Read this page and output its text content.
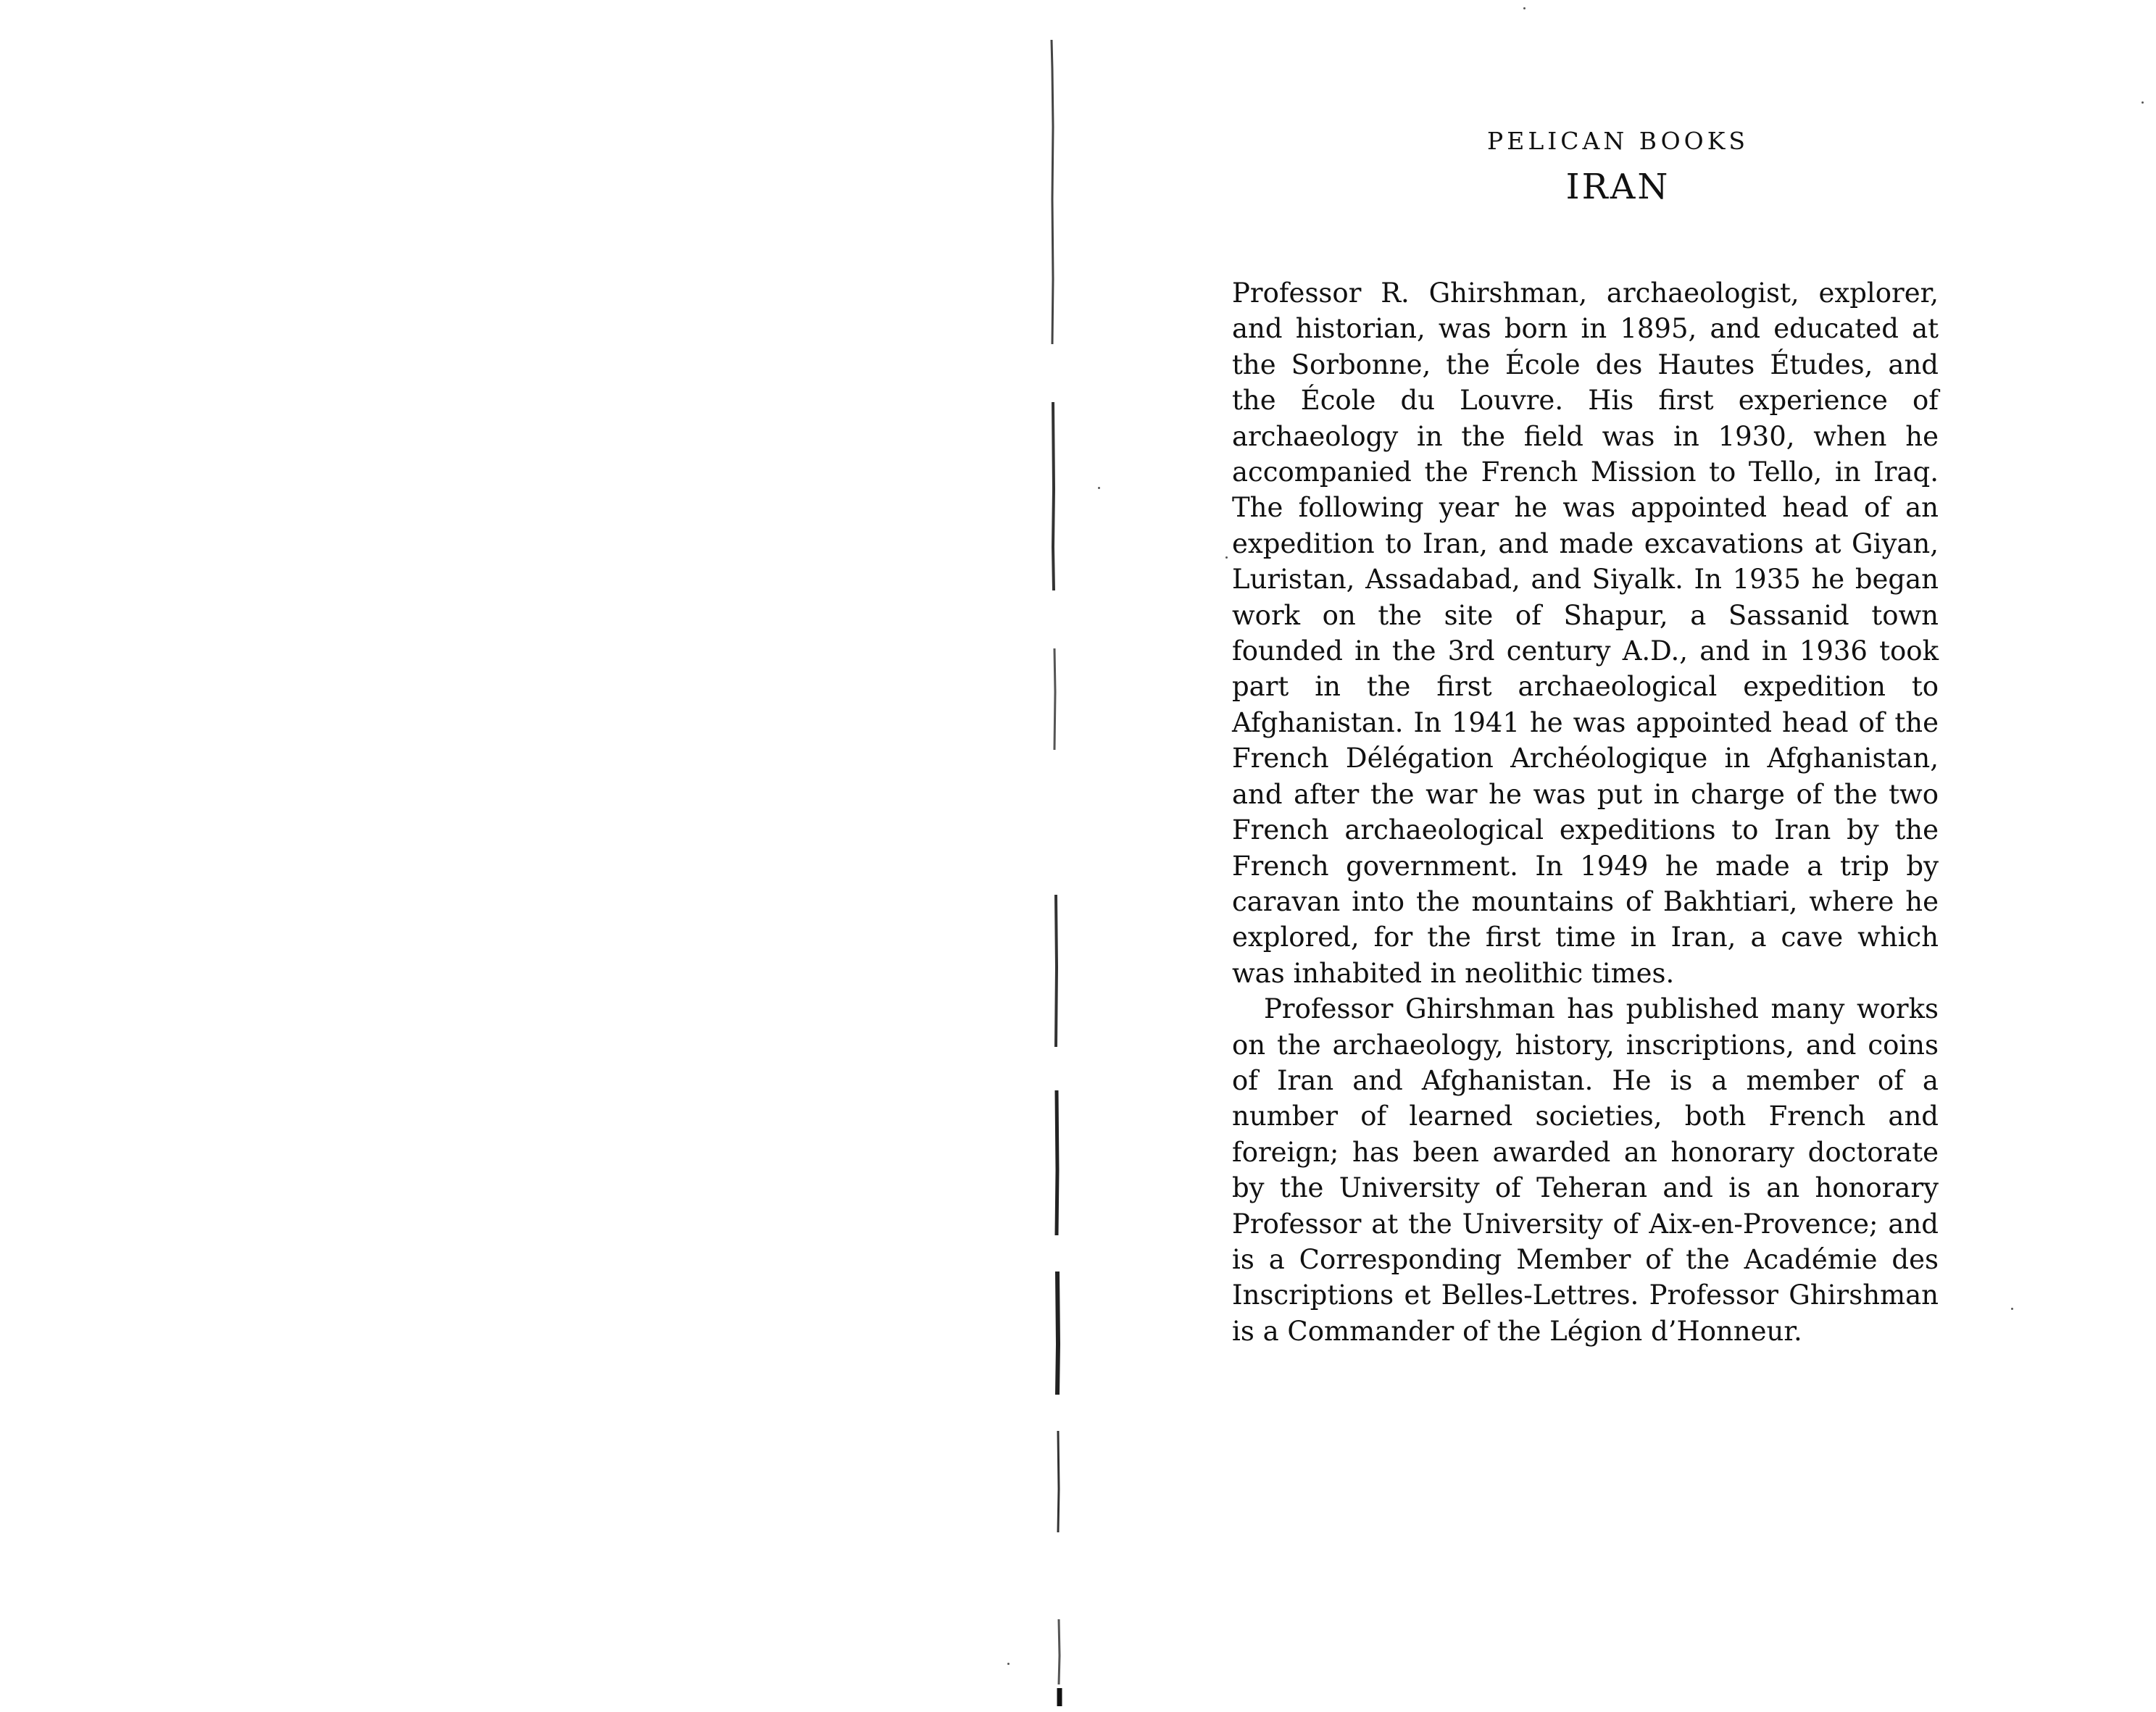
PELICAN BOOKS
IRAN

Professor R. Ghirshman, archaeologist, explorer, and historian, was born in 1895, and educated at the Sorbonne, the École des Hautes Études, and the École du Louvre. His first experience of archaeology in the field was in 1930, when he accompanied the French Mission to Tello, in Iraq. The following year he was appointed head of an expedition to Iran, and made excavations at Giyan, Luristan, Assadabad, and Siyalk. In 1935 he began work on the site of Shapur, a Sassanid town founded in the 3rd century A.D., and in 1936 took part in the first archaeological expedition to Afghanistan. In 1941 he was appointed head of the French Délégation Archéologique in Afghanistan, and after the war he was put in charge of the two French archaeological expeditions to Iran by the French government. In 1949 he made a trip by caravan into the mountains of Bakhtiari, where he explored, for the first time in Iran, a cave which was inhabited in neolithic times.

Professor Ghirshman has published many works on the archaeology, history, inscriptions, and coins of Iran and Afghanistan. He is a member of a number of learned societies, both French and foreign; has been awarded an honorary doctorate by the University of Teheran and is an honorary Professor at the University of Aix-en-Provence; and is a Corresponding Member of the Académie des Inscriptions et Belles-Lettres. Professor Ghirshman is a Commander of the Légion d’Honneur.
